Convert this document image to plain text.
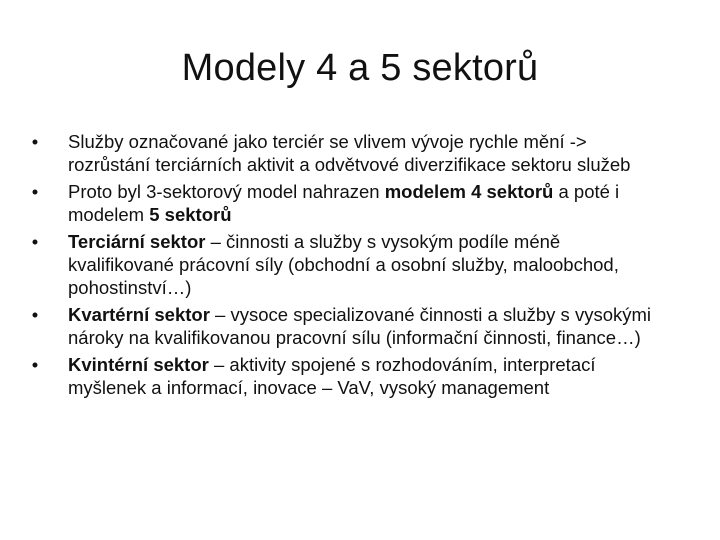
Modely 4 a 5 sektorů
• Služby označované jako terciér se vlivem vývoje rychle mění -> rozrůstání terciárních aktivit a odvětvové diverzifikace sektoru služeb
• Proto byl 3-sektorový model nahrazen modelem 4 sektorů a poté i modelem 5 sektorů
• Terciární sektor – činnosti a služby s vysokým podíle méně kvalifikované prácovní síly (obchodní a osobní služby, maloobchod, pohostinství…)
• Kvartérní sektor – vysoce specializované činnosti a služby s vysokými nároky na kvalifikovanou pracovní sílu (informační činnosti, finance…)
• Kvintérní sektor – aktivity spojené s rozhodováním, interpretací myšlenek a informací, inovace – VaV, vysoký management
